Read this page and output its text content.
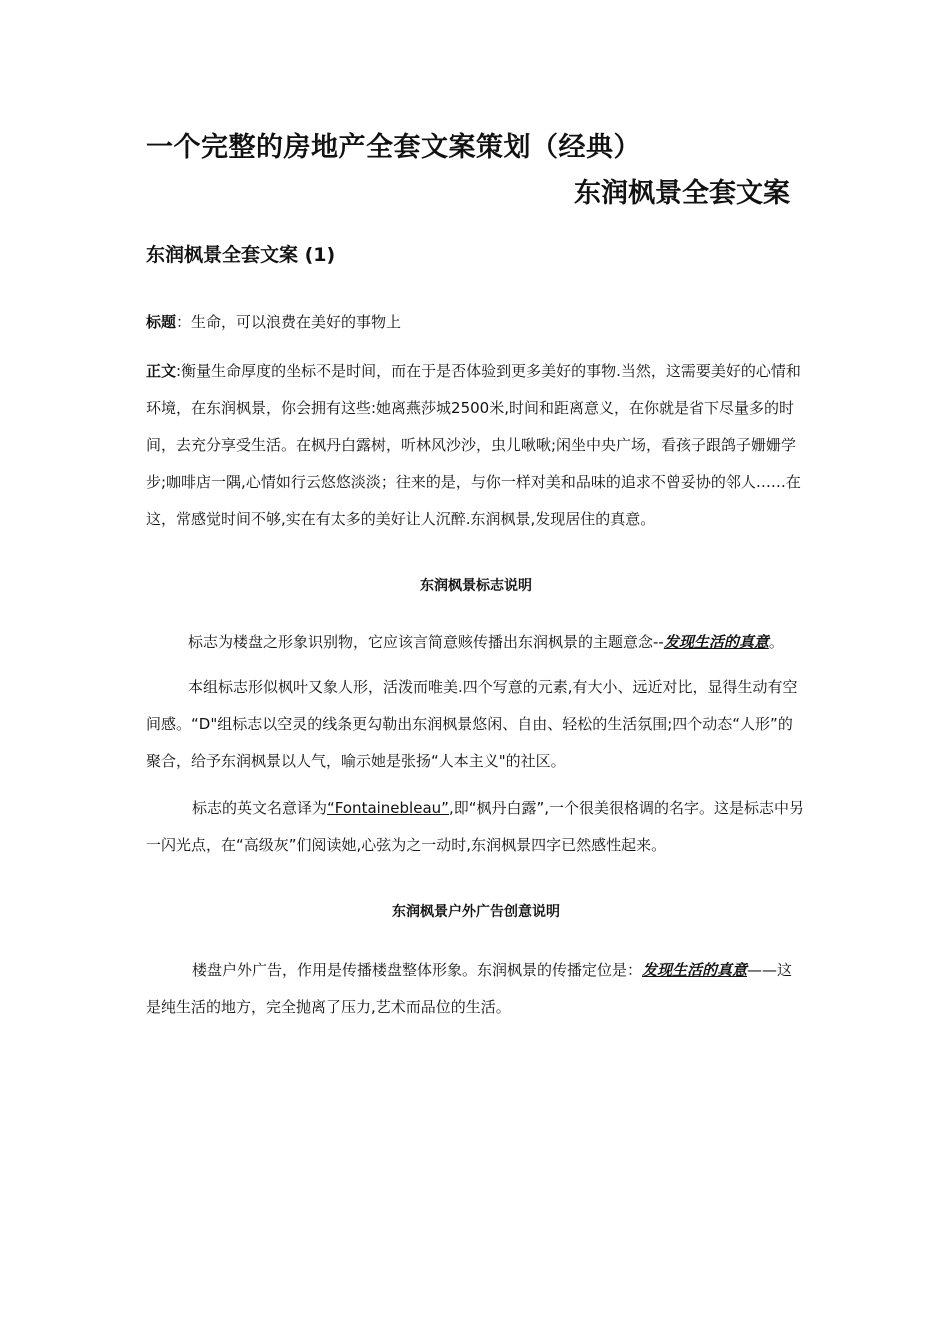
一个完整的房地产全套文案策划（经典）
东润枫景全套文案
东润枫景全套文案 (1)

标题：生命，可以浪费在美好的事物上

正文:衡量生命厚度的坐标不是时间，而在于是否体验到更多美好的事物.当然，这需要美好的心情和环境，在东润枫景，你会拥有这些:她离燕莎城2500米,时间和距离意义，在你就是省下尽量多的时间，去充分享受生活。在枫丹白露树，听林风沙沙，虫儿啾啾;闲坐中央广场，看孩子跟鸽子姗姗学步;咖啡店一隅,心情如行云悠悠淡淡；往来的是，与你一样对美和品味的追求不曾妥协的邻人……在这，常感觉时间不够,实在有太多的美好让人沉醉.东润枫景,发现居住的真意。

东润枫景标志说明

标志为楼盘之形象识别物，它应该言简意赅传播出东润枫景的主题意念--发现生活的真意。

本组标志形似枫叶又象人形，活泼而唯美.四个写意的元素,有大小、远近对比，显得生动有空间感。“D"组标志以空灵的线条更勾勒出东润枫景悠闲、自由、轻松的生活氛围;四个动态“人形”的聚合，给予东润枫景以人气，喻示她是张扬“人本主义"的社区。

标志的英文名意译为“Fontainebleau”,即“枫丹白露”,一个很美很格调的名字。这是标志中另一闪光点，在“高级灰”们阅读她,心弦为之一动时,东润枫景四字已然感性起来。

东润枫景户外广告创意说明

楼盘户外广告，作用是传播楼盘整体形象。东润枫景的传播定位是：发现生活的真意——这是纯生活的地方，完全抛离了压力,艺术而品位的生活。
